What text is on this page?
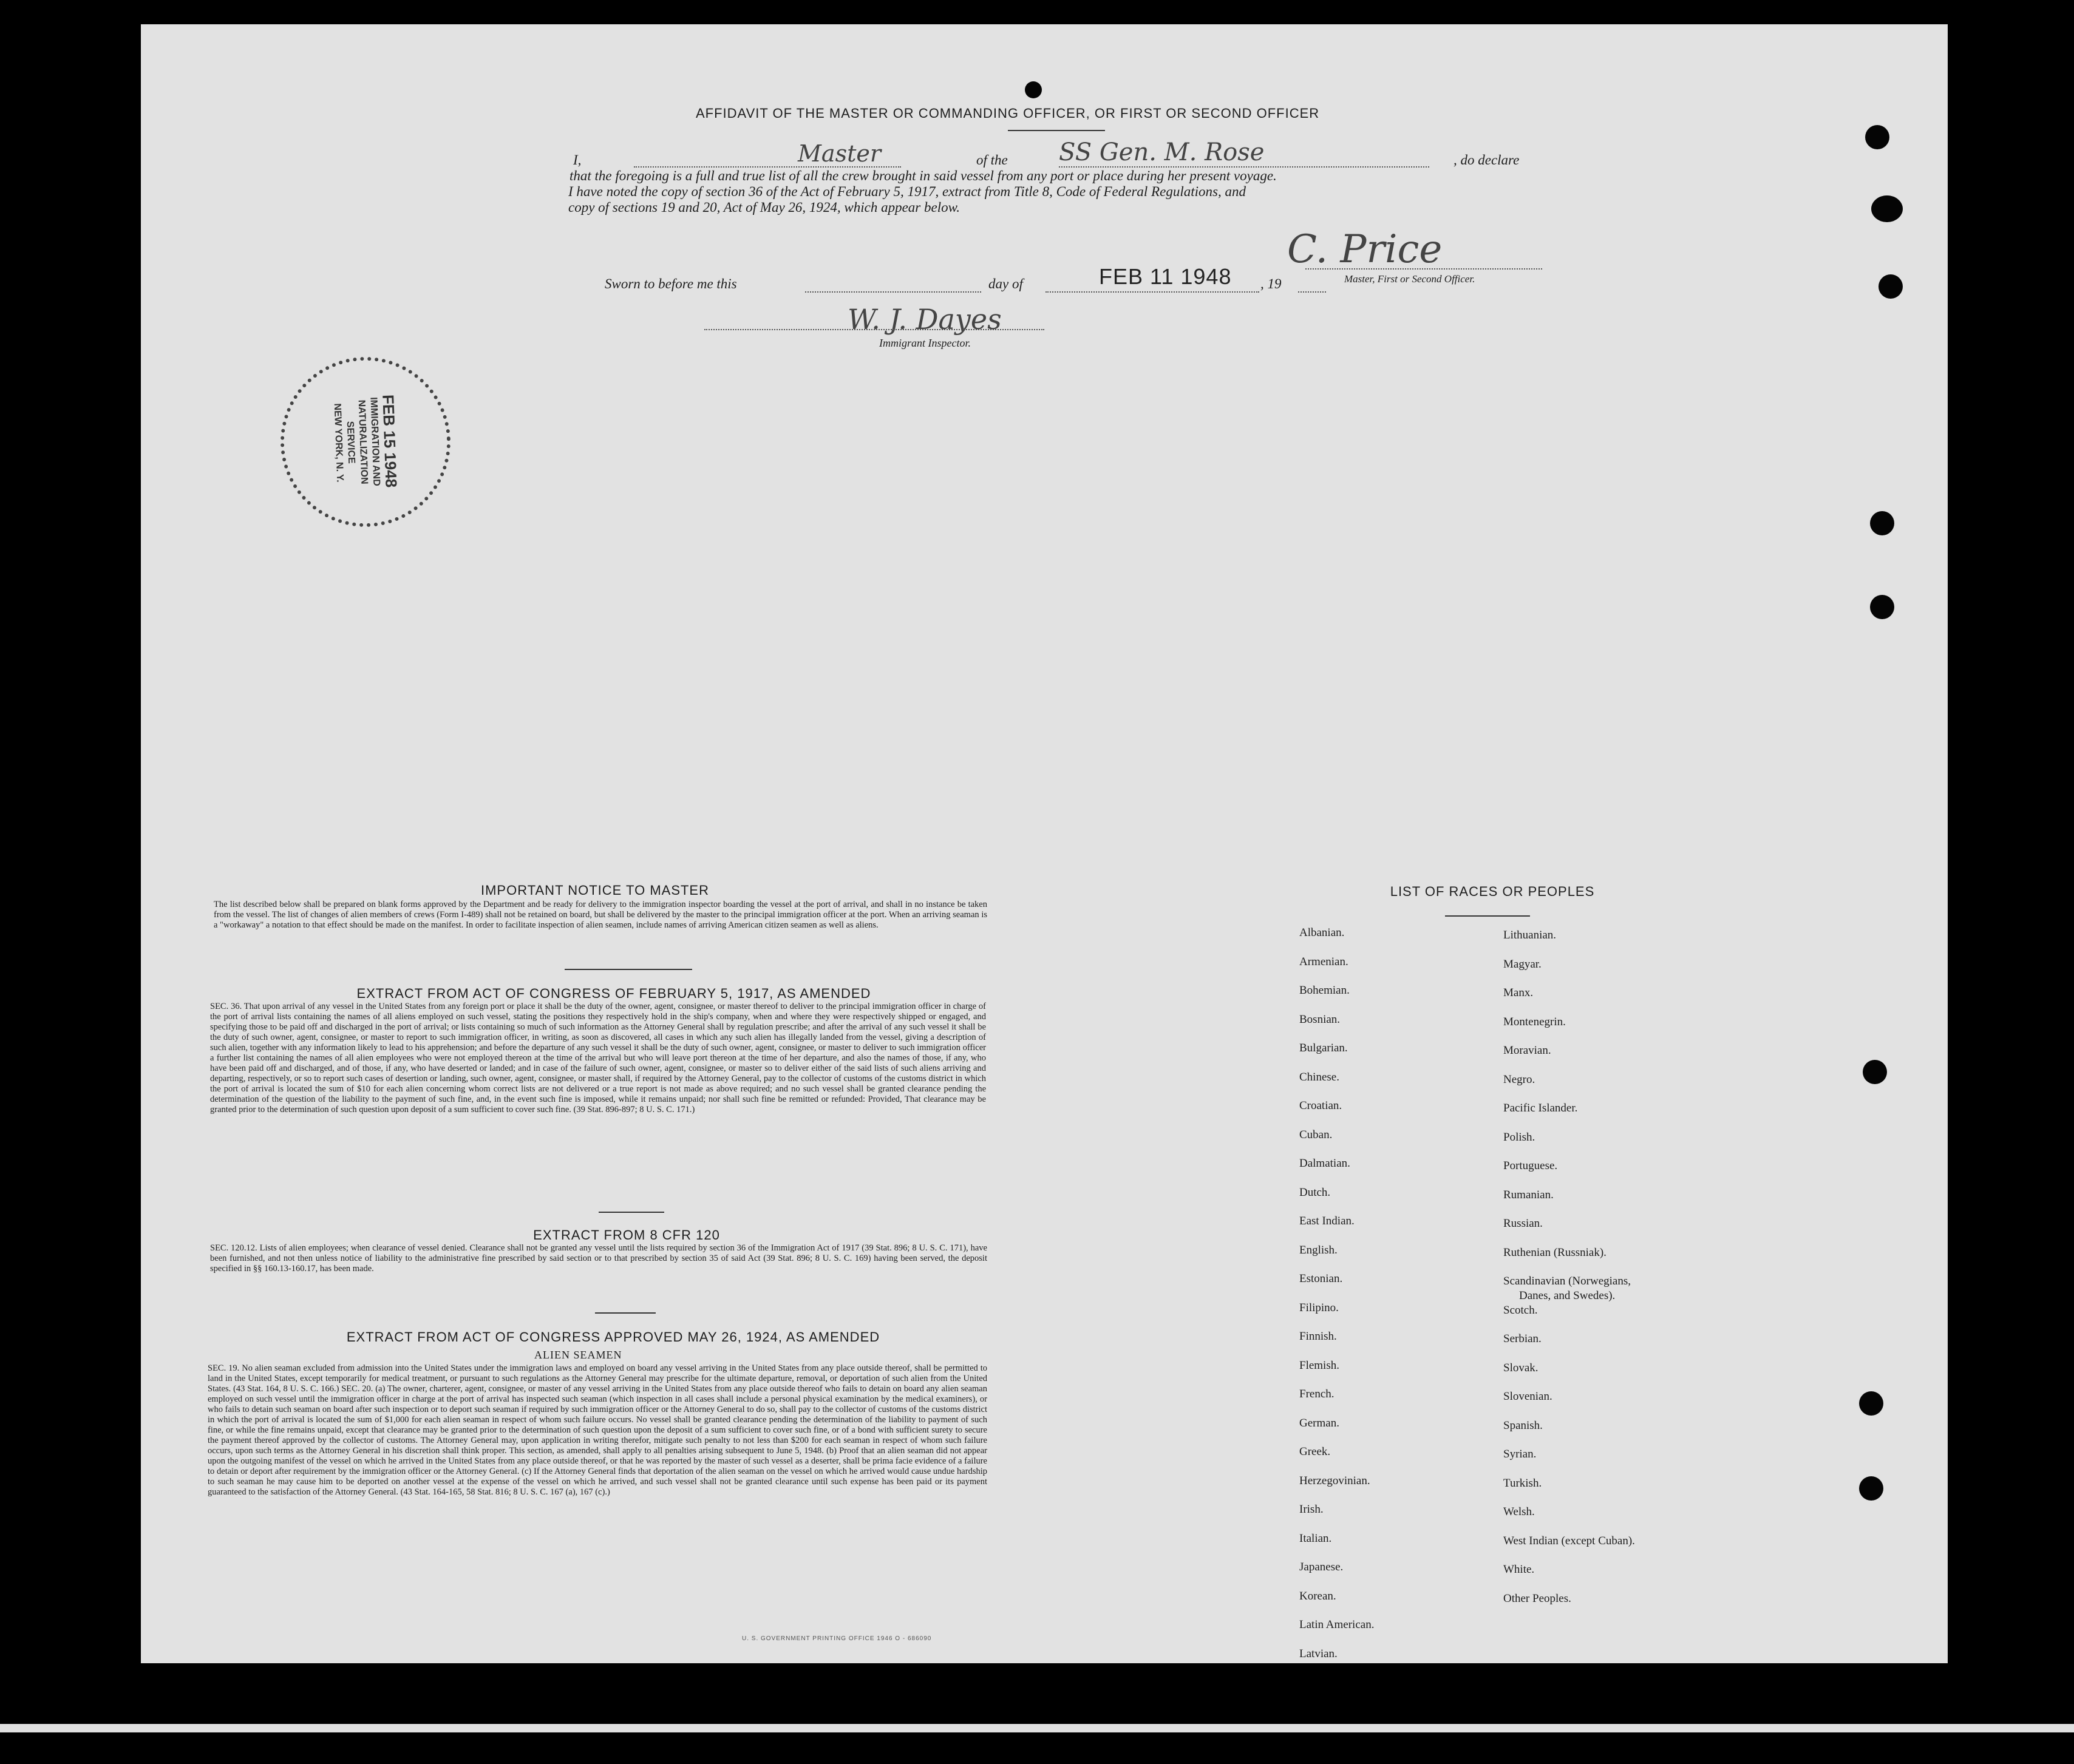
AFFIDAVIT OF THE MASTER OR COMMANDING OFFICER, OR FIRST OR SECOND OFFICER
I,	Master	of the SS Gen. M. Rose	, do declare
that the foregoing is a full and true list of all the crew brought in said vessel from any port or place during her present voyage.
I have noted the copy of section 36 of the Act of February 5, 1917, extract from Title 8, Code of Federal Regulations, and
copy of sections 19 and 20, Act of May 26, 1924, which appear below.
Sworn to before me this	day of	FEB 11 1948 , 19
C. Price
Master, First or Second Officer.
W. J. Dayes
Immigrant Inspector.
FEB 15 1948
IMMIGRATION AND
NATURALIZATION
SERVICE
NEW YORK, N. Y.
IMPORTANT NOTICE TO MASTER
The list described below shall be prepared on blank forms approved by the Department and be ready for delivery to the immigration inspector boarding the vessel at the port of arrival, and shall in no instance be taken from the vessel. The list of changes of alien members of crews (Form I-489) shall not be retained on board, but shall be delivered by the master to the principal immigration officer at the port. When an arriving seaman is a "workaway" a notation to that effect should be made on the manifest. In order to facilitate inspection of alien seamen, include names of arriving American citizen seamen as well as aliens.
EXTRACT FROM ACT OF CONGRESS OF FEBRUARY 5, 1917, AS AMENDED
SEC. 36. That upon arrival of any vessel in the United States from any foreign port or place it shall be the duty of the owner, agent, consignee, or master thereof to deliver to the principal immigration officer in charge of the port of arrival lists containing the names of all aliens employed on such vessel, stating the positions they respectively hold in the ship's company, when and where they were respectively shipped or engaged, and specifying those to be paid off and discharged in the port of arrival; or lists containing so much of such information as the Attorney General shall by regulation prescribe; and after the arrival of any such vessel it shall be the duty of such owner, agent, consignee, or master to report to such immigration officer, in writing, as soon as discovered, all cases in which any such alien has illegally landed from the vessel, giving a description of such alien, together with any information likely to lead to his apprehension; and before the departure of any such vessel it shall be the duty of such owner, agent, consignee, or master to deliver to such immigration officer a further list containing the names of all alien employees who were not employed thereon at the time of the arrival but who will leave port thereon at the time of her departure, and also the names of those, if any, who have been paid off and discharged, and of those, if any, who have deserted or landed; and in case of the failure of such owner, agent, consignee, or master so to deliver either of the said lists of such aliens arriving and departing, respectively, or so to report such cases of desertion or landing, such owner, agent, consignee, or master shall, if required by the Attorney General, pay to the collector of customs of the customs district in which the port of arrival is located the sum of $10 for each alien concerning whom correct lists are not delivered or a true report is not made as above required; and no such vessel shall be granted clearance pending the determination of the question of the liability to the payment of such fine, and, in the event such fine is imposed, while it remains unpaid; nor shall such fine be remitted or refunded: Provided, That clearance may be granted prior to the determination of such question upon deposit of a sum sufficient to cover such fine. (39 Stat. 896-897; 8 U. S. C. 171.)
EXTRACT FROM 8 CFR 120
SEC. 120.12. Lists of alien employees; when clearance of vessel denied. Clearance shall not be granted any vessel until the lists required by section 36 of the Immigration Act of 1917 (39 Stat. 896; 8 U. S. C. 171), have been furnished, and not then unless notice of liability to the administrative fine prescribed by said section or to that prescribed by section 35 of said Act (39 Stat. 896; 8 U. S. C. 169) having been served, the deposit specified in §§ 160.13-160.17, has been made.
EXTRACT FROM ACT OF CONGRESS APPROVED MAY 26, 1924, AS AMENDED
ALIEN SEAMEN
SEC. 19. No alien seaman excluded from admission into the United States under the immigration laws and employed on board any vessel arriving in the United States from any place outside thereof, shall be permitted to land in the United States, except temporarily for medical treatment, or pursuant to such regulations as the Attorney General may prescribe for the ultimate departure, removal, or deportation of such alien from the United States. (43 Stat. 164, 8 U. S. C. 166.) SEC. 20. (a) The owner, charterer, agent, consignee, or master of any vessel arriving in the United States from any place outside thereof who fails to detain on board any alien seaman employed on such vessel until the immigration officer in charge at the port of arrival has inspected such seaman (which inspection in all cases shall include a personal physical examination by the medical examiners), or who fails to detain such seaman on board after such inspection or to deport such seaman if required by such immigration officer or the Attorney General to do so, shall pay to the collector of customs of the customs district in which the port of arrival is located the sum of $1,000 for each alien seaman in respect of whom such failure occurs. No vessel shall be granted clearance pending the determination of the liability to payment of such fine, or while the fine remains unpaid, except that clearance may be granted prior to the determination of such question upon the deposit of a sum sufficient to cover such fine, or of a bond with sufficient surety to secure the payment thereof approved by the collector of customs. The Attorney General may, upon application in writing therefor, mitigate such penalty to not less than $200 for each seaman in respect of whom such failure occurs, upon such terms as the Attorney General in his discretion shall think proper. This section, as amended, shall apply to all penalties arising subsequent to June 5, 1948. (b) Proof that an alien seaman did not appear upon the outgoing manifest of the vessel on which he arrived in the United States from any place outside thereof, or that he was reported by the master of such vessel as a deserter, shall be prima facie evidence of a failure to detain or deport after requirement by the immigration officer or the Attorney General. (c) If the Attorney General finds that deportation of the alien seaman on the vessel on which he arrived would cause undue hardship to such seaman he may cause him to be deported on another vessel at the expense of the vessel on which he arrived, and such vessel shall not be granted clearance until such expense has been paid or its payment guaranteed to the satisfaction of the Attorney General. (43 Stat. 164-165, 58 Stat. 816; 8 U. S. C. 167 (a), 167 (c).)
U. S. GOVERNMENT PRINTING OFFICE 1946 O - 686090
LIST OF RACES OR PEOPLES
Albanian.
Armenian.
Bohemian.
Bosnian.
Bulgarian.
Chinese.
Croatian.
Cuban.
Dalmatian.
Dutch.
East Indian.
English.
Estonian.
Filipino.
Finnish.
Flemish.
French.
German.
Greek.
Herzegovinian.
Irish.
Italian.
Japanese.
Korean.
Latin American.
Latvian.
Lithuanian.
Magyar.
Manx.
Montenegrin.
Moravian.
Negro.
Pacific Islander.
Polish.
Portuguese.
Rumanian.
Russian.
Ruthenian (Russniak).
Scandinavian (Norwegians,
Danes, and Swedes).
Scotch.
Serbian.
Slovak.
Slovenian.
Spanish.
Syrian.
Turkish.
Welsh.
West Indian (except Cuban).
White.
Other Peoples.
